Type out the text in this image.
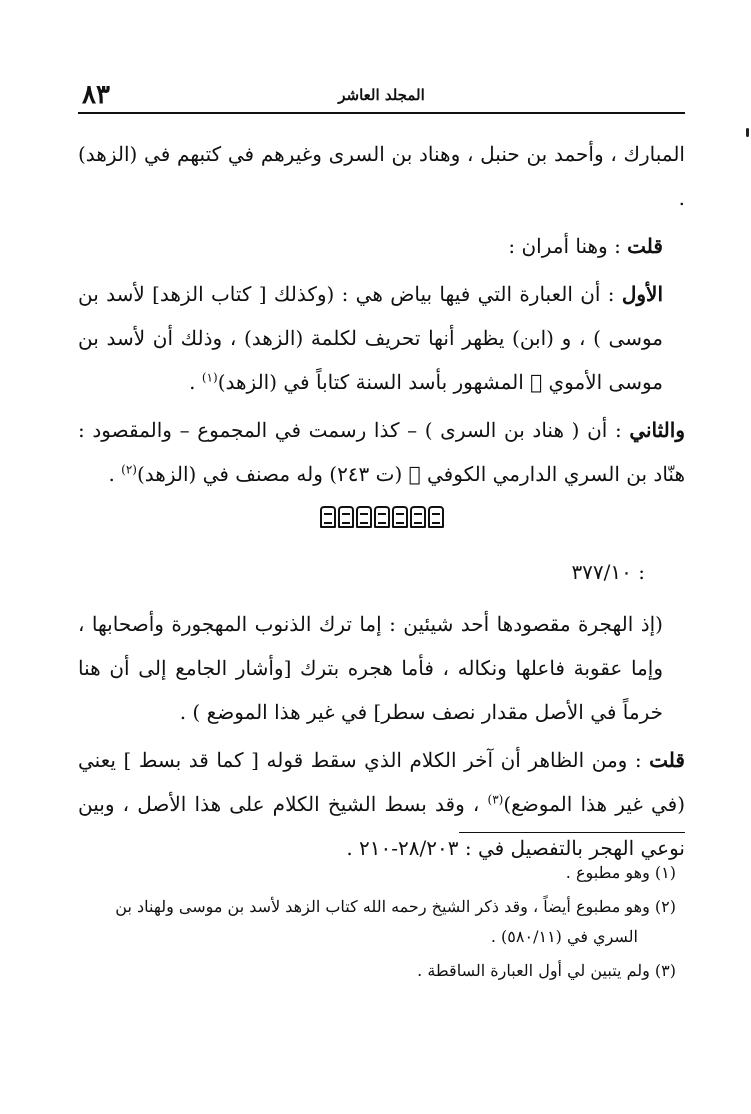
المجلد العاشر
٨٣

المبارك ، وأحمد بن حنبل ، وهناد بن السرى وغيرهم في كتبهم في (الزهد) .

قلت : وهنا أمران :

الأول : أن العبارة التي فيها بياض هي : (وكذلك [ كتاب الزهد] لأسد بن موسى ) ، و (ابن) يظهر أنها تحريف لكلمة (الزهد) ، وذلك أن لأسد بن موسى الأموي ﷬ المشهور بأسد السنة كتاباً في (الزهد)$^{(١)}$ .

والثاني : أن ( هناد بن السرى ) – كذا رسمت في المجموع – والمقصود : هنّاد بن السري الدارمي الكوفي ﷬ (ت ٢٤٣) وله مصنف في (الزهد)$^{(٢)}$ .

: ٣٧٧/١٠

(إذ الهجرة مقصودها أحد شيئين : إما ترك الذنوب المهجورة وأصحابها ، وإما عقوبة فاعلها ونكاله ، فأما هجره بترك [وأشار الجامع إلى أن هنا خرماً في الأصل مقدار نصف سطر] في غير هذا الموضع ) .

قلت : ومن الظاهر أن آخر الكلام الذي سقط قوله [ كما قد بسط ] يعني (في غير هذا الموضع)$^{(٣)}$ ، وقد بسط الشيخ الكلام على هذا الأصل ، وبين نوعي الهجر بالتفصيل في : ٢٨/٢٠٣-٢١٠ .

(١) وهو مطبوع .

(٢) وهو مطبوع أيضاً ، وقد ذكر الشيخ رحمه الله كتاب الزهد لأسد بن موسى ولهناد بن
السري في (٥٨٠/١١) .

(٣) ولم يتبين لي أول العبارة الساقطة .
